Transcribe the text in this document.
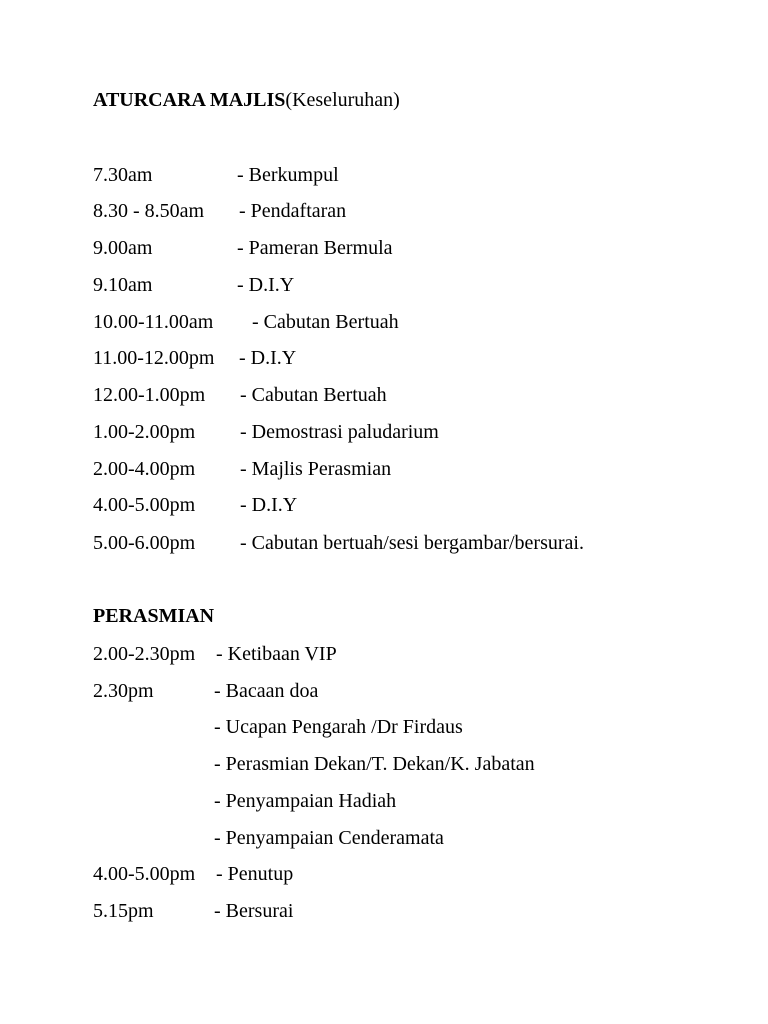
ATURCARA MAJLIS(Keseluruhan)
7.30am	- Berkumpul
8.30 - 8.50am - Pendaftaran
9.00am	- Pameran Bermula
9.10am	- D.I.Y
10.00-11.00am - Cabutan Bertuah
11.00-12.00pm - D.I.Y
12.00-1.00pm - Cabutan Bertuah
1.00-2.00pm - Demostrasi paludarium
2.00-4.00pm - Majlis Perasmian
4.00-5.00pm - D.I.Y
5.00-6.00pm - Cabutan bertuah/sesi bergambar/bersurai.
PERASMIAN
2.00-2.30pm - Ketibaan VIP
2.30pm	- Bacaan doa
- Ucapan Pengarah /Dr Firdaus
- Perasmian Dekan/T. Dekan/K. Jabatan
- Penyampaian Hadiah
- Penyampaian Cenderamata
4.00-5.00pm - Penutup
5.15pm	- Bersurai
